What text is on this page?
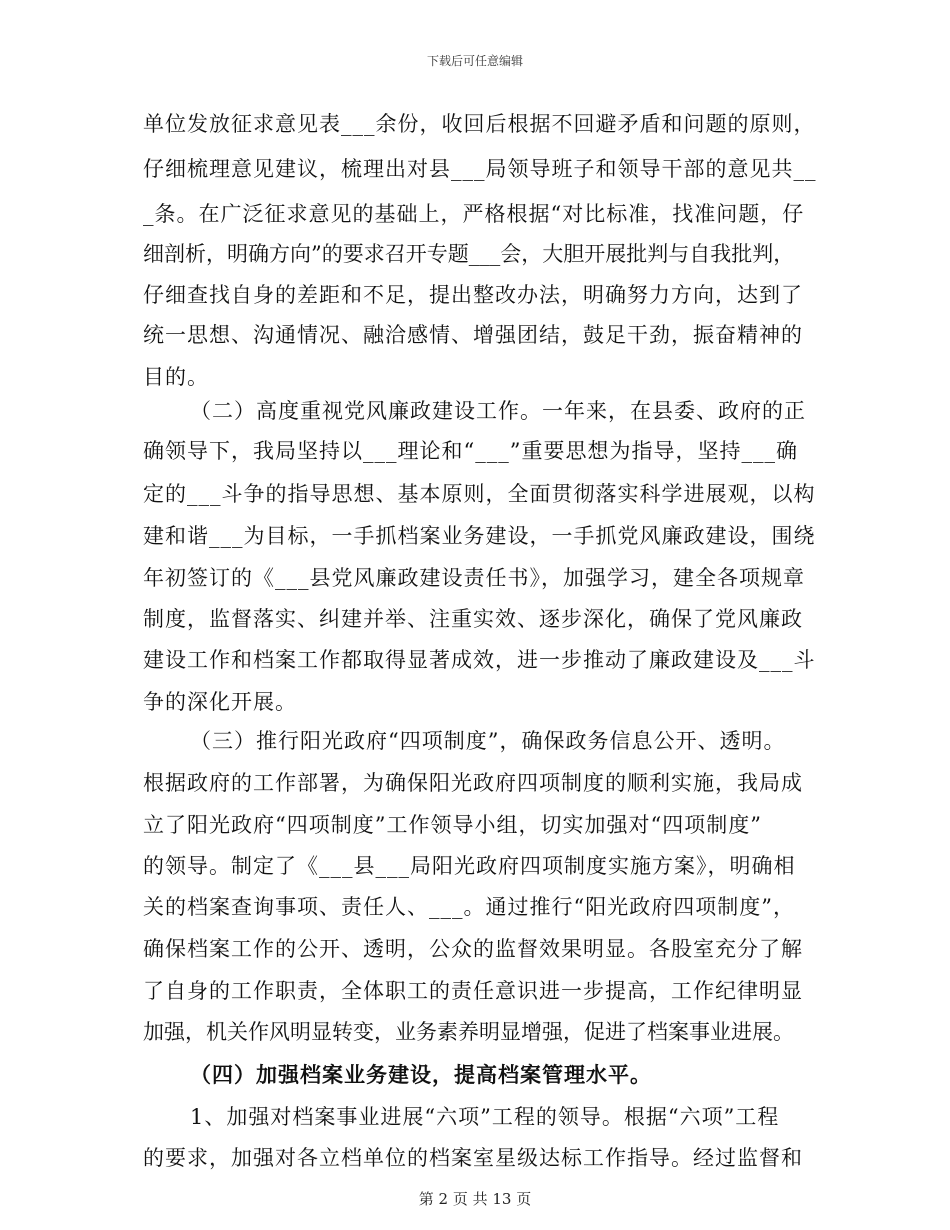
下载后可任意编辑
单位发放征求意见表___余份，收回后根据不回避矛盾和问题的原则，
仔细梳理意见建议，梳理出对县___局领导班子和领导干部的意见共__
_条。在广泛征求意见的基础上，严格根据“对比标准，找准问题，仔
细剖析，明确方向”的要求召开专题___会，大胆开展批判与自我批判，
仔细查找自身的差距和不足，提出整改办法，明确努力方向，达到了
统一思想、沟通情况、融洽感情、增强团结，鼓足干劲，振奋精神的
目的。
（二）高度重视党风廉政建设工作。一年来，在县委、政府的正
确领导下，我局坚持以___理论和“___”重要思想为指导，坚持___确
定的___斗争的指导思想、基本原则，全面贯彻落实科学进展观，以构
建和谐___为目标，一手抓档案业务建设，一手抓党风廉政建设，围绕
年初签订的《___县党风廉政建设责任书》，加强学习，建全各项规章
制度，监督落实、纠建并举、注重实效、逐步深化，确保了党风廉政
建设工作和档案工作都取得显著成效，进一步推动了廉政建设及___斗
争的深化开展。
（三）推行阳光政府“四项制度”，确保政务信息公开、透明。
根据政府的工作部署，为确保阳光政府四项制度的顺利实施，我局成
立了阳光政府“四项制度”工作领导小组，切实加强对“四项制度”
的领导。制定了《___县___局阳光政府四项制度实施方案》，明确相
关的档案查询事项、责任人、___。通过推行“阳光政府四项制度”，
确保档案工作的公开、透明，公众的监督效果明显。各股室充分了解
了自身的工作职责，全体职工的责任意识进一步提高，工作纪律明显
加强，机关作风明显转变，业务素养明显增强，促进了档案事业进展。
（四）加强档案业务建设，提高档案管理水平。
1、加强对档案事业进展“六项”工程的领导。根据“六项”工程
的要求，加强对各立档单位的档案室星级达标工作指导。经过监督和
第 2 页 共 13 页
